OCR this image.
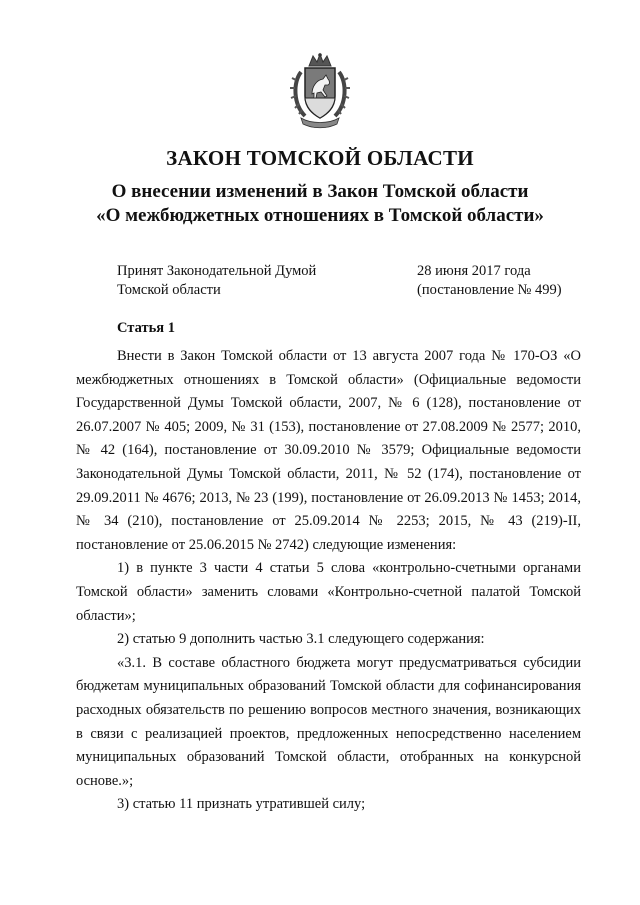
ЗАКОН ТОМСКОЙ ОБЛАСТИ
О внесении изменений в Закон Томской области
«О межбюджетных отношениях в Томской области»
Принят Законодательной Думой
Томской области
28 июня 2017 года
(постановление № 499)
Статья 1

Внести в Закон Томской области от 13 августа 2007 года № 170-ОЗ «О межбюджетных отношениях в Томской области» (Официальные ведомости Государственной Думы Томской области, 2007, № 6 (128), постановление от 26.07.2007 № 405; 2009, № 31 (153), постановление от 27.08.2009 № 2577; 2010, № 42 (164), постановление от 30.09.2010 № 3579; Официальные ведомости Законодательной Думы Томской области, 2011, № 52 (174), постановление от 29.09.2011 № 4676; 2013, № 23 (199), постановление от 26.09.2013 № 1453; 2014, № 34 (210), постановление от 25.09.2014 № 2253; 2015, № 43 (219)-II, постановление от 25.06.2015 № 2742) следующие изменения:

1) в пункте 3 части 4 статьи 5 слова «контрольно-счетными органами Томской области» заменить словами «Контрольно-счетной палатой Томской области»;

2) статью 9 дополнить частью 3.1 следующего содержания:

«3.1. В составе областного бюджета могут предусматриваться субсидии бюджетам муниципальных образований Томской области для софинансирования расходных обязательств по решению вопросов местного значения, возникающих в связи с реализацией проектов, предложенных непосредственно населением муниципальных образований Томской области, отобранных на конкурсной основе.»;

3) статью 11 признать утратившей силу;
